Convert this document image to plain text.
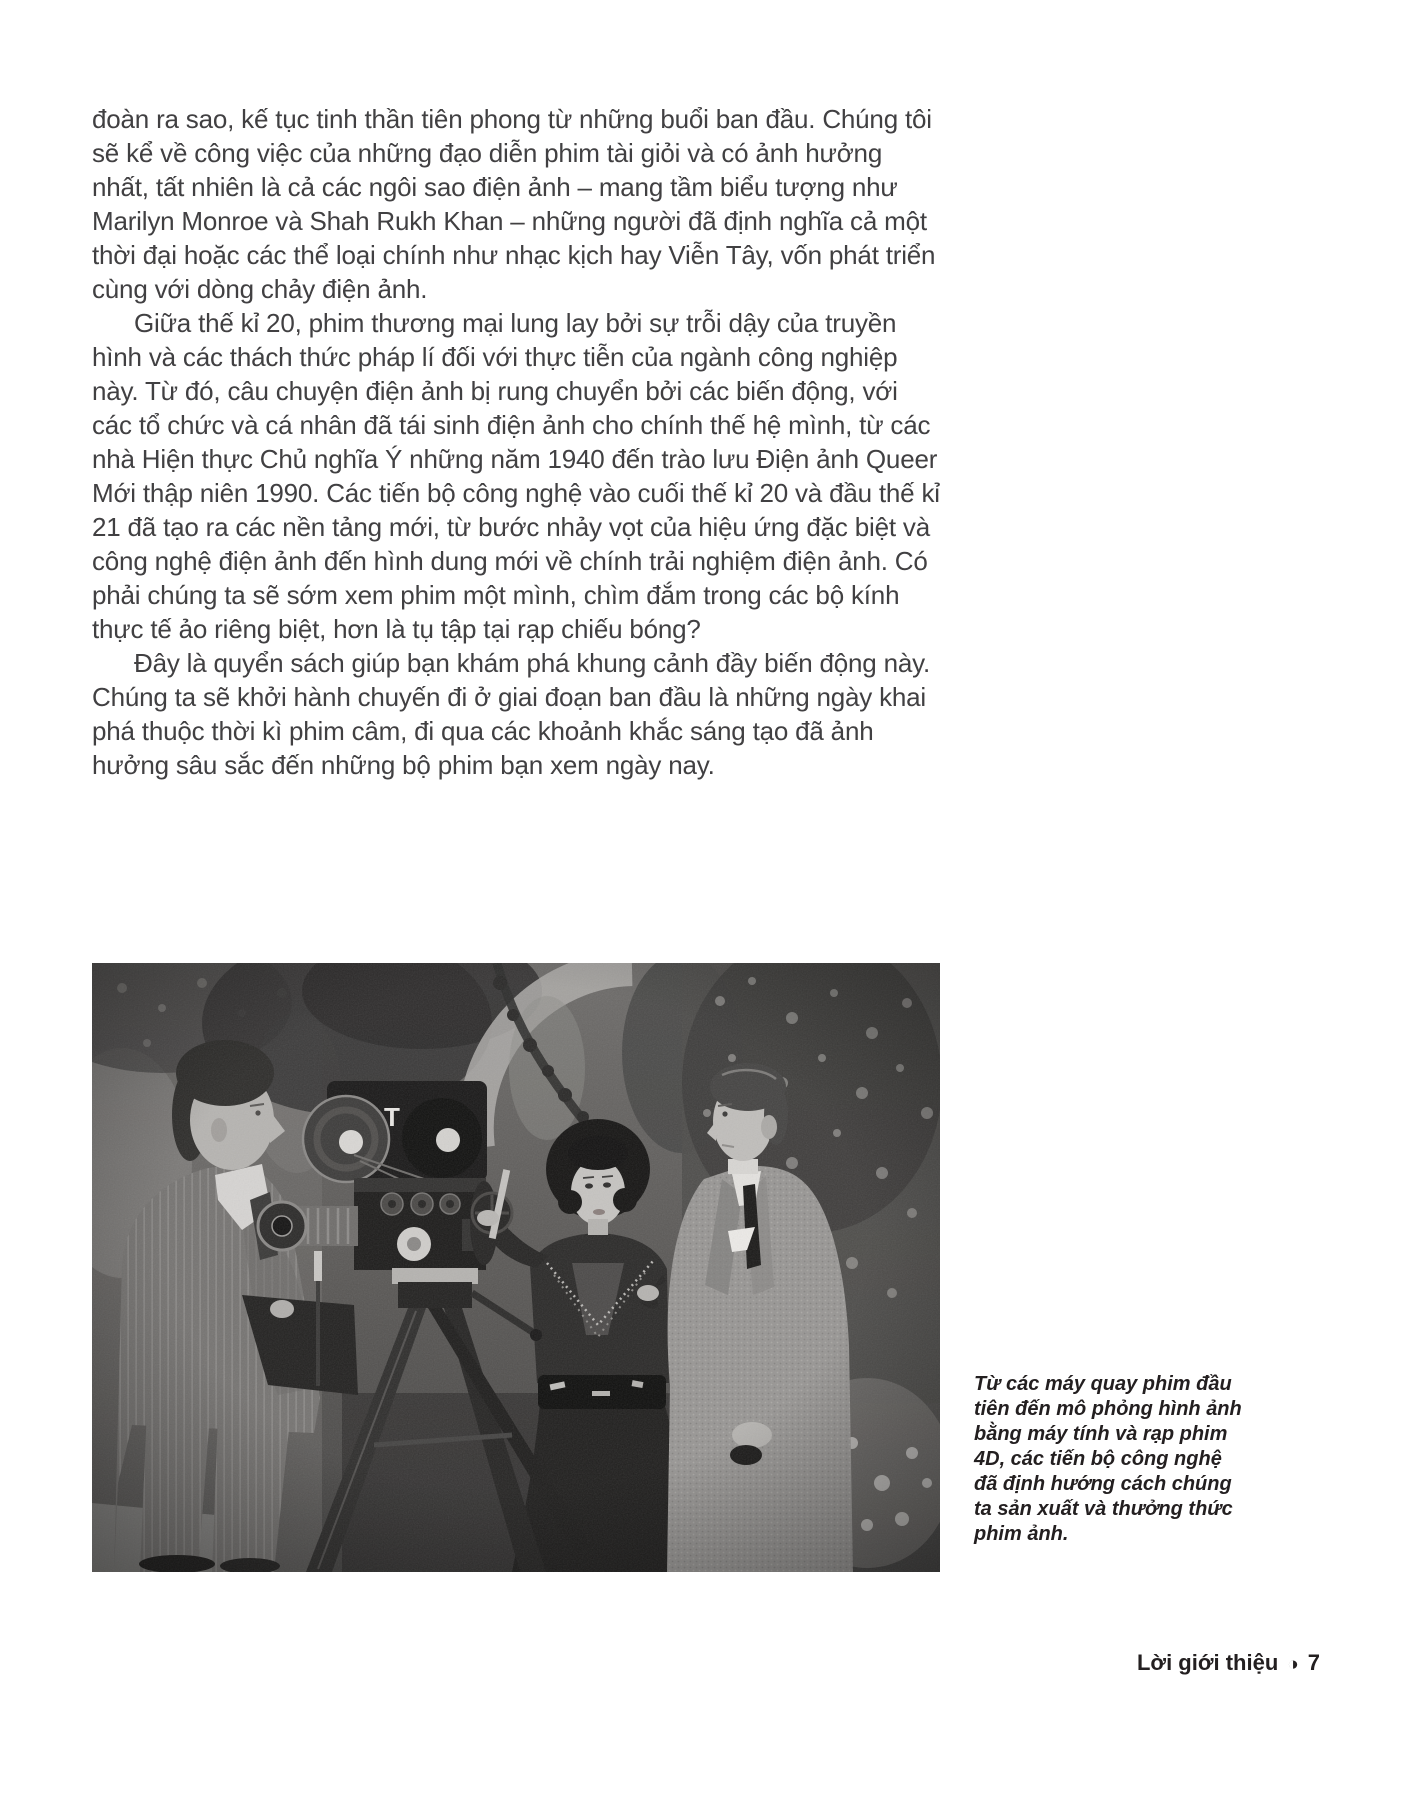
đoàn ra sao, kế tục tinh thần tiên phong từ những buổi ban đầu. Chúng tôi sẽ kể về công việc của những đạo diễn phim tài giỏi và có ảnh hưởng nhất, tất nhiên là cả các ngôi sao điện ảnh – mang tầm biểu tượng như Marilyn Monroe và Shah Rukh Khan – những người đã định nghĩa cả một thời đại hoặc các thể loại chính như nhạc kịch hay Viễn Tây, vốn phát triển cùng với dòng chảy điện ảnh.

Giữa thế kỉ 20, phim thương mại lung lay bởi sự trỗi dậy của truyền hình và các thách thức pháp lí đối với thực tiễn của ngành công nghiệp này. Từ đó, câu chuyện điện ảnh bị rung chuyển bởi các biến động, với các tổ chức và cá nhân đã tái sinh điện ảnh cho chính thế hệ mình, từ các nhà Hiện thực Chủ nghĩa Ý những năm 1940 đến trào lưu Điện ảnh Queer Mới thập niên 1990. Các tiến bộ công nghệ vào cuối thế kỉ 20 và đầu thế kỉ 21 đã tạo ra các nền tảng mới, từ bước nhảy vọt của hiệu ứng đặc biệt và công nghệ điện ảnh đến hình dung mới về chính trải nghiệm điện ảnh. Có phải chúng ta sẽ sớm xem phim một mình, chìm đắm trong các bộ kính thực tế ảo riêng biệt, hơn là tụ tập tại rạp chiếu bóng?

Đây là quyển sách giúp bạn khám phá khung cảnh đầy biến động này. Chúng ta sẽ khởi hành chuyến đi ở giai đoạn ban đầu là những ngày khai phá thuộc thời kì phim câm, đi qua các khoảnh khắc sáng tạo đã ảnh hưởng sâu sắc đến những bộ phim bạn xem ngày nay.

Từ các máy quay phim đầu tiên đến mô phỏng hình ảnh bằng máy tính và rạp phim 4D, các tiến bộ công nghệ đã định hướng cách chúng ta sản xuất và thưởng thức phim ảnh.
Lời giới thiệu ◑ 7
